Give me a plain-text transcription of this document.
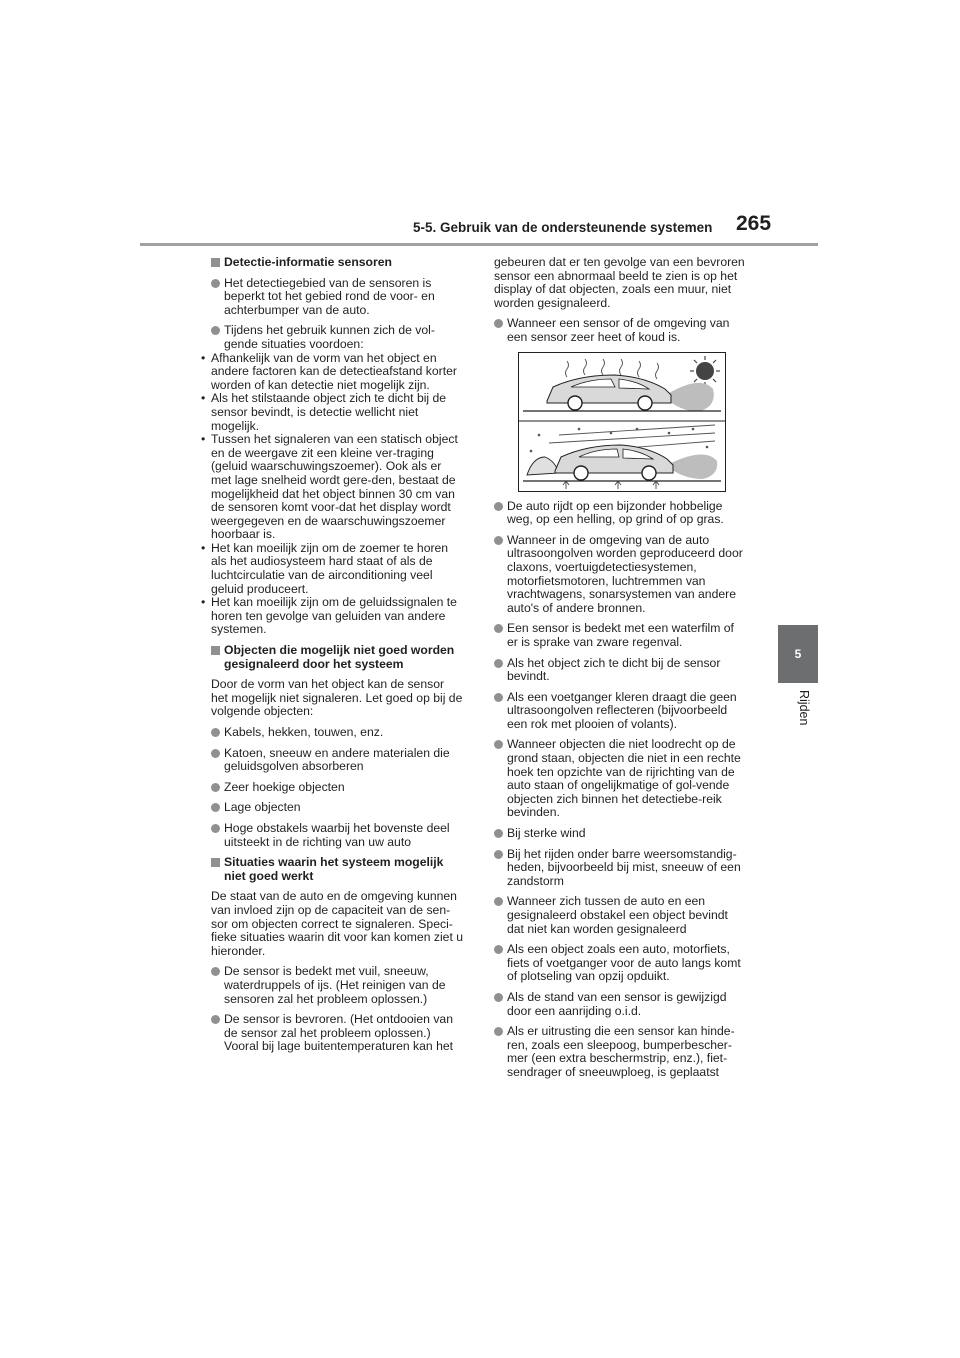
5-5. Gebruik van de ondersteunende systemen 265
5
Rijden
Detectie-informatie sensoren
Het detectiegebied van de sensoren is beperkt tot het gebied rond de voor- en achterbumper van de auto.
Tijdens het gebruik kunnen zich de vol-gende situaties voordoen:
• Afhankelijk van de vorm van het object en andere factoren kan de detectieafstand korter worden of kan detectie niet mogelijk zijn.
• Als het stilstaande object zich te dicht bij de sensor bevindt, is detectie wellicht niet mogelijk.
• Tussen het signaleren van een statisch object en de weergave zit een kleine ver-traging (geluid waarschuwingszoemer). Ook als er met lage snelheid wordt gere-den, bestaat de mogelijkheid dat het object binnen 30 cm van de sensoren komt voor-dat het display wordt weergegeven en de waarschuwingszoemer hoorbaar is.
• Het kan moeilijk zijn om de zoemer te horen als het audiosysteem hard staat of als de luchtcirculatie van de airconditioning veel geluid produceert.
• Het kan moeilijk zijn om de geluidssignalen te horen ten gevolge van geluiden van andere systemen.
Objecten die mogelijk niet goed worden gesignaleerd door het systeem
Door de vorm van het object kan de sensor het mogelijk niet signaleren. Let goed op bij de volgende objecten:
Kabels, hekken, touwen, enz.
Katoen, sneeuw en andere materialen die geluidsgolven absorberen
Zeer hoekige objecten
Lage objecten
Hoge obstakels waarbij het bovenste deel uitsteekt in de richting van uw auto
Situaties waarin het systeem mogelijk niet goed werkt
De staat van de auto en de omgeving kunnen van invloed zijn op de capaciteit van de sen-sor om objecten correct te signaleren. Speci-fieke situaties waarin dit voor kan komen ziet u hieronder.
De sensor is bedekt met vuil, sneeuw, waterdruppels of ijs. (Het reinigen van de sensoren zal het probleem oplossen.)
De sensor is bevroren. (Het ontdooien van de sensor zal het probleem oplossen.) Vooral bij lage buitentemperaturen kan het
gebeuren dat er ten gevolge van een bevroren sensor een abnormaal beeld te zien is op het display of dat objecten, zoals een muur, niet worden gesignaleerd.
Wanneer een sensor of de omgeving van een sensor zeer heet of koud is.
De auto rijdt op een bijzonder hobbelige weg, op een helling, op grind of op gras.
Wanneer in de omgeving van de auto ultrasoongolven worden geproduceerd door claxons, voertuigdetectiesystemen, motorfietsmotoren, luchtremmen van vrachtwagens, sonarsystemen van andere auto's of andere bronnen.
Een sensor is bedekt met een waterfilm of er is sprake van zware regenval.
Als het object zich te dicht bij de sensor bevindt.
Als een voetganger kleren draagt die geen ultrasoongolven reflecteren (bijvoorbeeld een rok met plooien of volants).
Wanneer objecten die niet loodrecht op de grond staan, objecten die niet in een rechte hoek ten opzichte van de rijrichting van de auto staan of ongelijkmatige of gol-vende objecten zich binnen het detectiebe-reik bevinden.
Bij sterke wind
Bij het rijden onder barre weersomstandig-heden, bijvoorbeeld bij mist, sneeuw of een zandstorm
Wanneer zich tussen de auto en een gesignaleerd obstakel een object bevindt dat niet kan worden gesignaleerd
Als een object zoals een auto, motorfiets, fiets of voetganger voor de auto langs komt of plotseling van opzij opduikt.
Als de stand van een sensor is gewijzigd door een aanrijding o.i.d.
Als er uitrusting die een sensor kan hinde-ren, zoals een sleepoog, bumperbescher-mer (een extra beschermstrip, enz.), fiet-sendrager of sneeuwploeg, is geplaatst
